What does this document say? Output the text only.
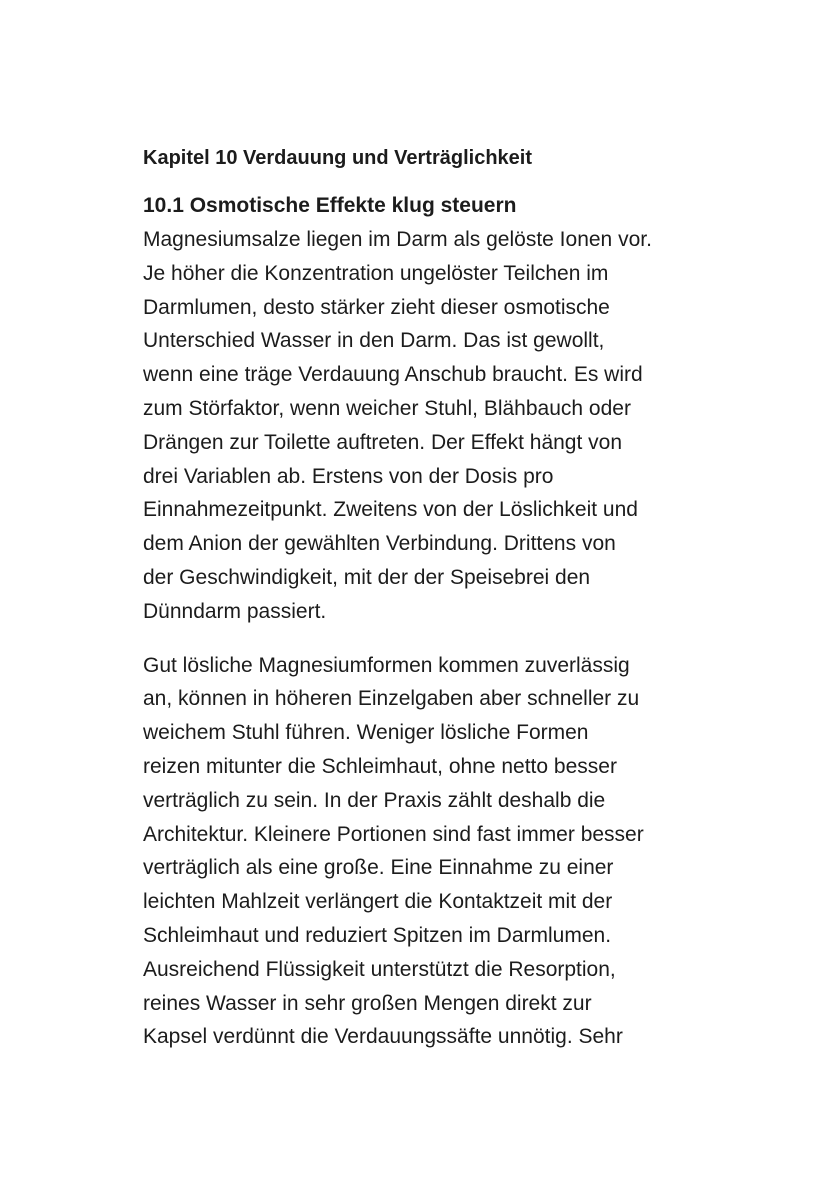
Kapitel 10 Verdauung und Verträglichkeit
10.1 Osmotische Effekte klug steuern

Magnesiumsalze liegen im Darm als gelöste Ionen vor.
Je höher die Konzentration ungelöster Teilchen im
Darmlumen, desto stärker zieht dieser osmotische
Unterschied Wasser in den Darm. Das ist gewollt,
wenn eine träge Verdauung Anschub braucht. Es wird
zum Störfaktor, wenn weicher Stuhl, Blähbauch oder
Drängen zur Toilette auftreten. Der Effekt hängt von
drei Variablen ab. Erstens von der Dosis pro
Einnahmezeitpunkt. Zweitens von der Löslichkeit und
dem Anion der gewählten Verbindung. Drittens von
der Geschwindigkeit, mit der der Speisebrei den
Dünndarm passiert.

Gut lösliche Magnesiumformen kommen zuverlässig
an, können in höheren Einzelgaben aber schneller zu
weichem Stuhl führen. Weniger lösliche Formen
reizen mitunter die Schleimhaut, ohne netto besser
verträglich zu sein. In der Praxis zählt deshalb die
Architektur. Kleinere Portionen sind fast immer besser
verträglich als eine große. Eine Einnahme zu einer
leichten Mahlzeit verlängert die Kontaktzeit mit der
Schleimhaut und reduziert Spitzen im Darmlumen.
Ausreichend Flüssigkeit unterstützt die Resorption,
reines Wasser in sehr großen Mengen direkt zur
Kapsel verdünnt die Verdauungssäfte unnötig. Sehr
